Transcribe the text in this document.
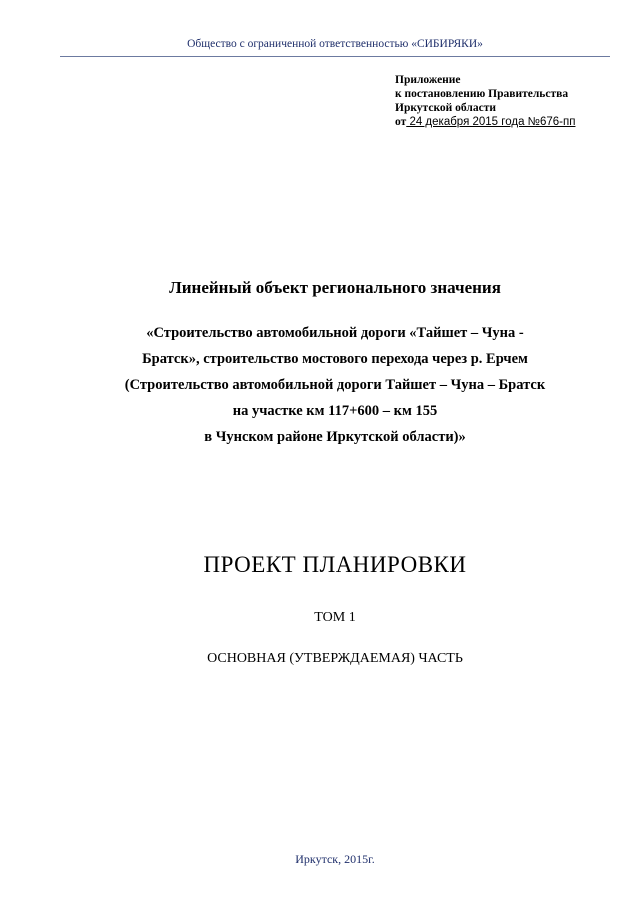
Общество с ограниченной ответственностью «СИБИРЯКИ»
Приложение
к постановлению Правительства
Иркутской области
от 24 декабря 2015 года №676-пп
Линейный объект регионального значения
«Строительство автомобильной дороги «Тайшет – Чуна -
Братск», строительство мостового перехода через р. Ерчем
(Строительство автомобильной дороги Тайшет – Чуна – Братск
на участке км 117+600 – км 155
в Чунском районе Иркутской области)»
ПРОЕКТ ПЛАНИРОВКИ
ТОМ 1
ОСНОВНАЯ (УТВЕРЖДАЕМАЯ) ЧАСТЬ
Иркутск, 2015г.
